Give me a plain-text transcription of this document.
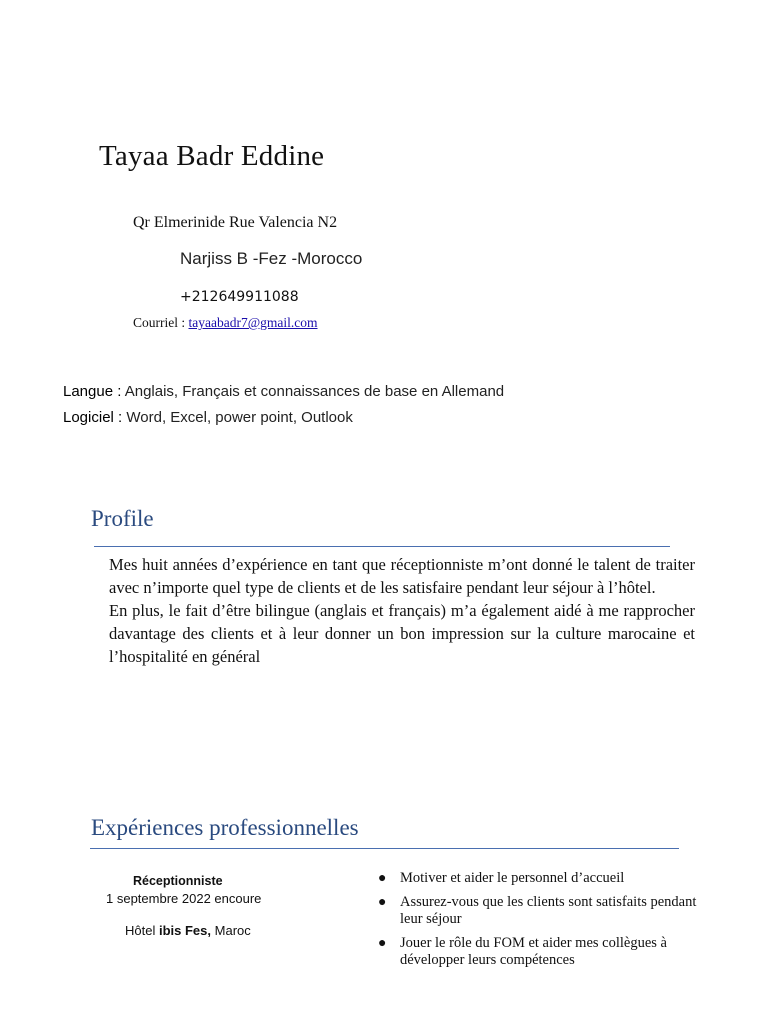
Tayaa Badr Eddine
Qr Elmerinide Rue Valencia N2
Narjiss B -Fez -Morocco
+212649911088
Courriel : tayaabadr7@gmail.com
Langue : Anglais, Français et connaissances de base en Allemand
Logiciel : Word, Excel, power point, Outlook
Profile

Mes huit années d’expérience en tant que réceptionniste m’ont donné le talent de traiter avec n’importe quel type de clients et de les satisfaire pendant leur séjour à l’hôtel.

En plus, le fait d’être bilingue (anglais et français) m’a également aidé à me rapprocher davantage des clients et à leur donner un bon impression sur la culture marocaine et l’hospitalité en général

Expériences professionnelles
Réceptionniste
1 septembre 2022 encoure
Hôtel ibis Fes, Maroc
● Motiver et aider le personnel d’accueil
● Assurez-vous que les clients sont satisfaits pendant leur séjour
● Jouer le rôle du FOM et aider mes collègues à développer leurs compétences
